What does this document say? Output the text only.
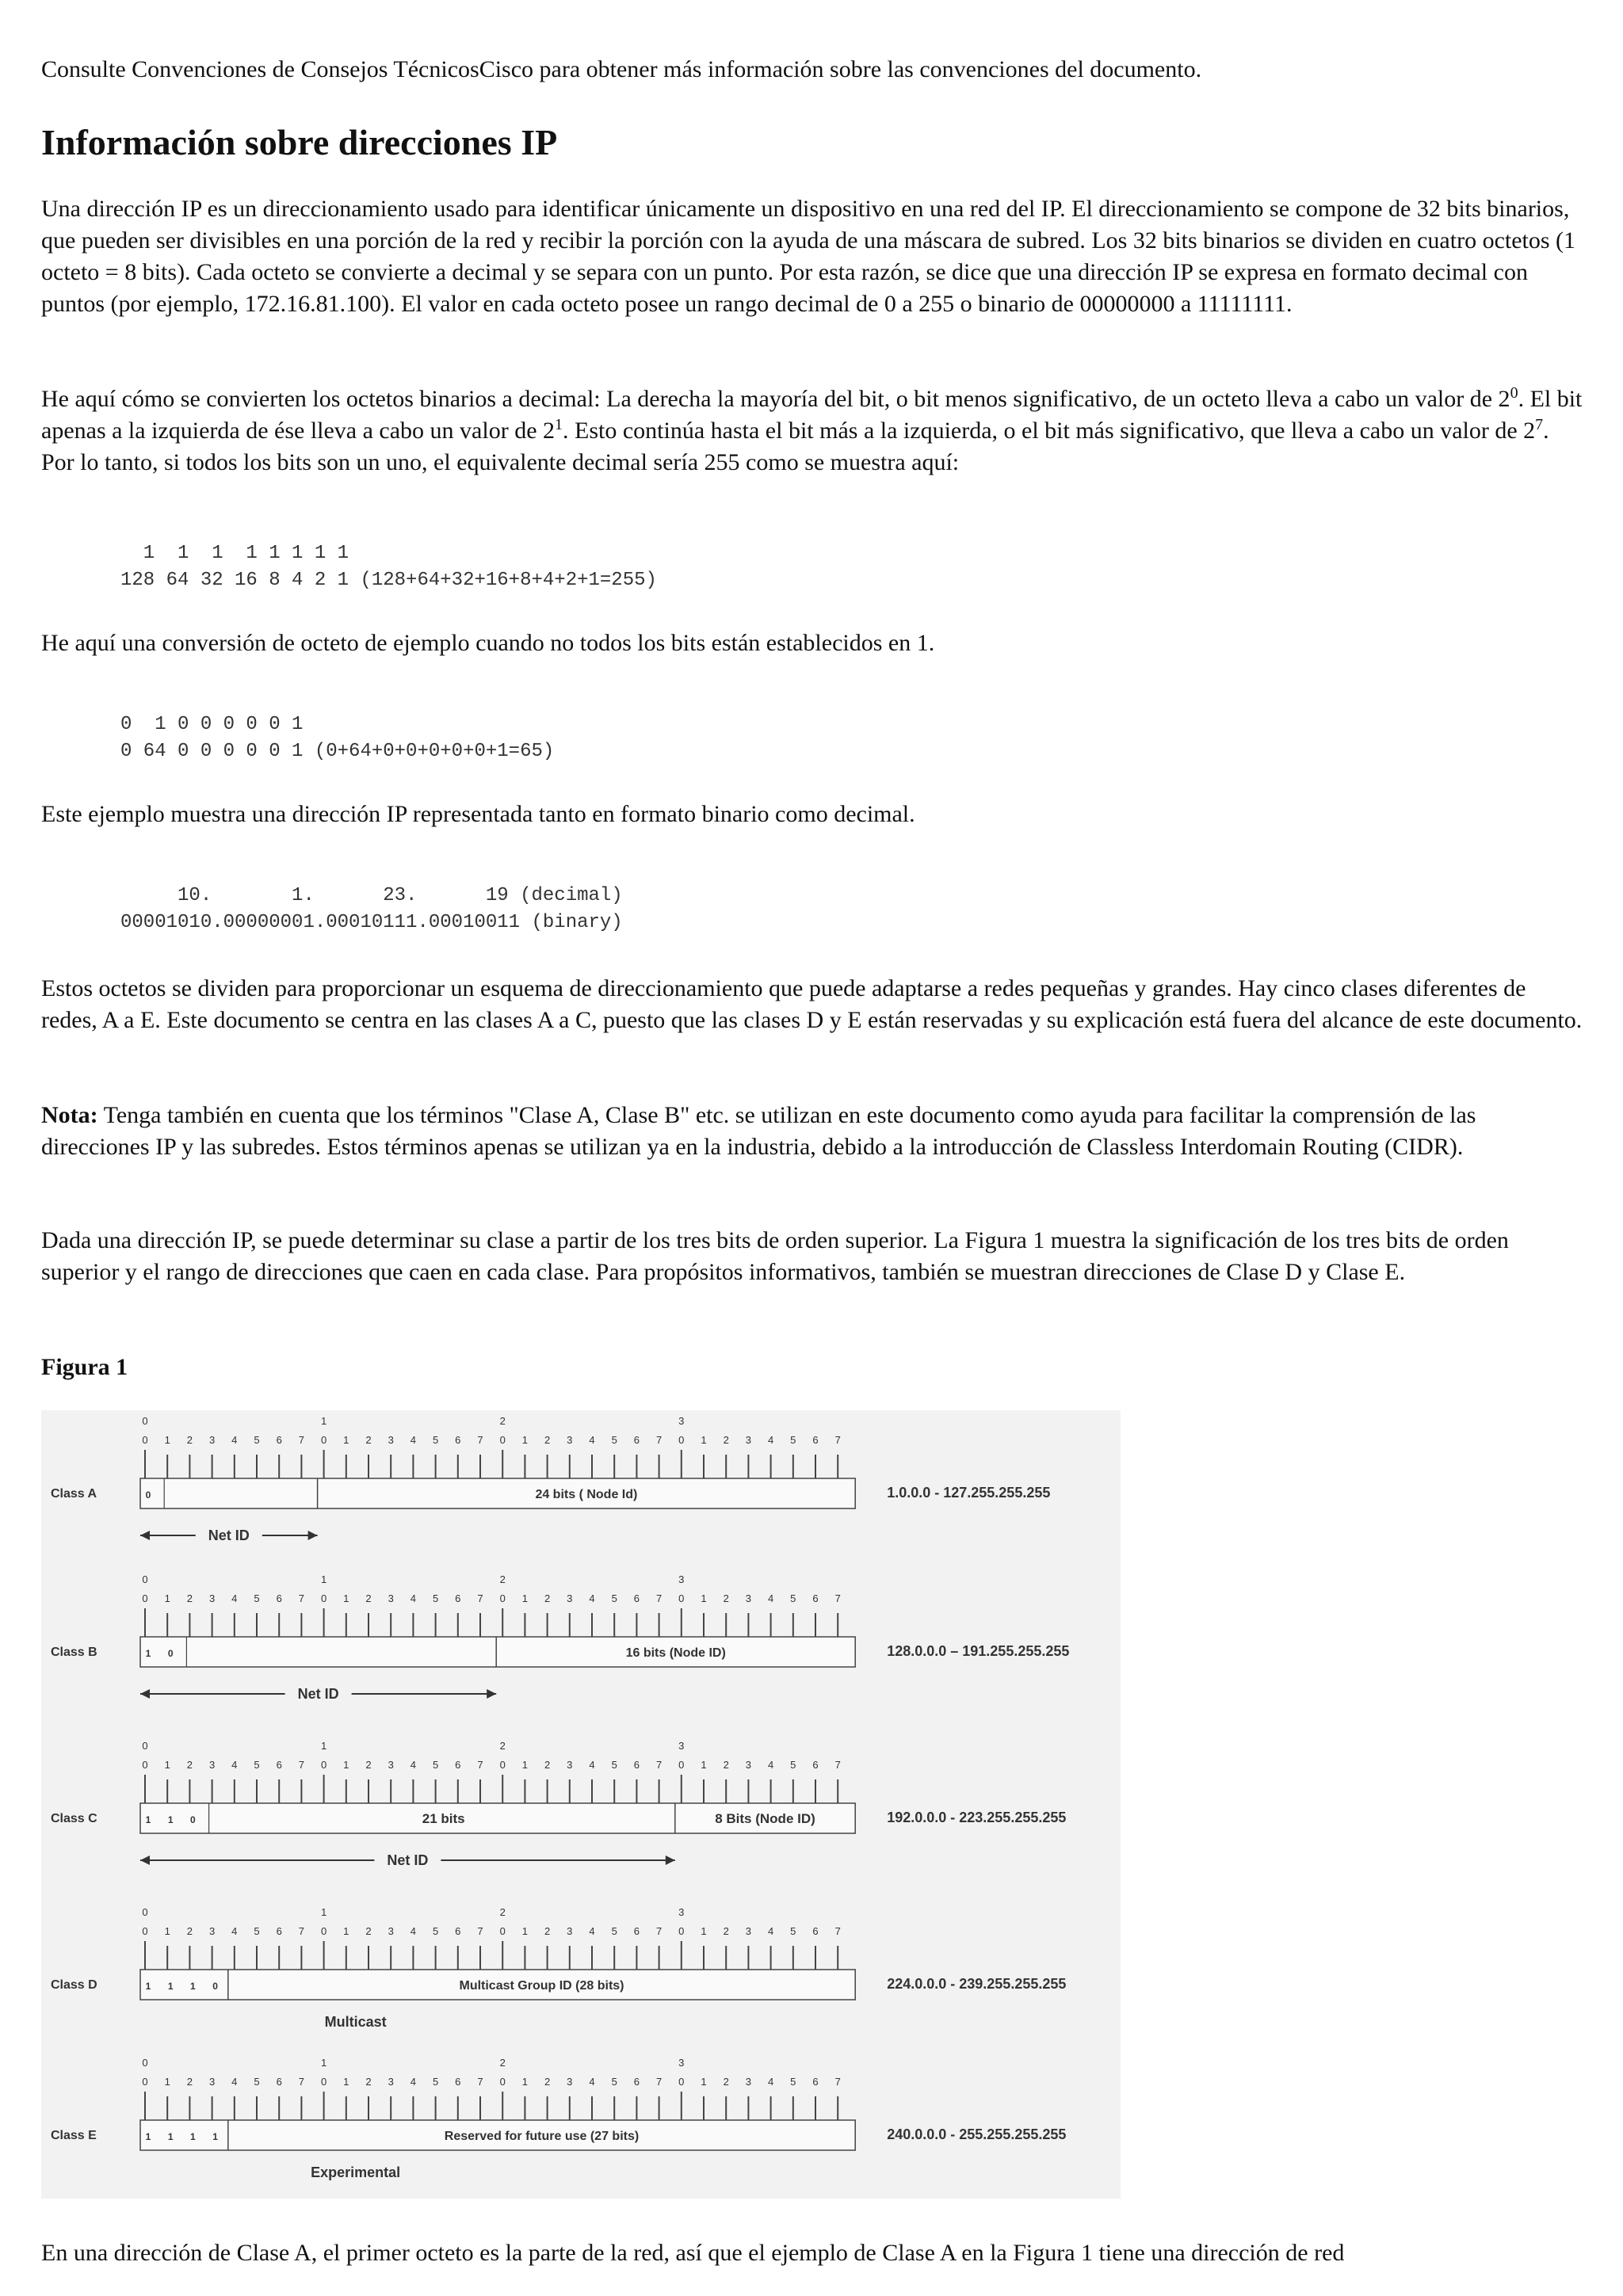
Consulte Convenciones de Consejos TécnicosCisco para obtener más información sobre las convenciones del documento.

Información sobre direcciones IP

Una dirección IP es un direccionamiento usado para identificar únicamente un dispositivo en una red del IP. El direccionamiento se compone de 32 bits binarios, que pueden ser divisibles en una porción de la red y recibir la porción con la ayuda de una máscara de subred. Los 32 bits binarios se dividen en cuatro octetos (1 octeto = 8 bits). Cada octeto se convierte a decimal y se separa con un punto. Por esta razón, se dice que una dirección IP se expresa en formato decimal con puntos (por ejemplo, 172.16.81.100). El valor en cada octeto posee un rango decimal de 0 a 255 o binario de 00000000 a 11111111.

He aquí cómo se convierten los octetos binarios a decimal: La derecha la mayoría del bit, o bit menos significativo, de un octeto lleva a cabo un valor de $2^0$. El bit apenas a la izquierda de ése lleva a cabo un valor de $2^1$. Esto continúa hasta el bit más a la izquierda, o el bit más significativo, que lleva a cabo un valor de $2^7$. Por lo tanto, si todos los bits son un uno, el equivalente decimal sería 255 como se muestra aquí:

1  1  1  1 1 1 1 1
128 64 32 16 8 4 2 1 (128+64+32+16+8+4+2+1=255)

He aquí una conversión de octeto de ejemplo cuando no todos los bits están establecidos en 1.

0  1 0 0 0 0 0 1
0 64 0 0 0 0 0 1 (0+64+0+0+0+0+0+1=65)

Este ejemplo muestra una dirección IP representada tanto en formato binario como decimal.

10.       1.      23.      19 (decimal)
00001010.00000001.00010111.00010011 (binary)

Estos octetos se dividen para proporcionar un esquema de direccionamiento que puede adaptarse a redes pequeñas y grandes. Hay cinco clases diferentes de redes, A a E. Este documento se centra en las clases A a C, puesto que las clases D y E están reservadas y su explicación está fuera del alcance de este documento.

Nota: Tenga también en cuenta que los términos "Clase A, Clase B" etc. se utilizan en este documento como ayuda para facilitar la comprensión de las direcciones IP y las subredes. Estos términos apenas se utilizan ya en la industria, debido a la introducción de Classless Interdomain Routing (CIDR).

Dada una dirección IP, se puede determinar su clase a partir de los tres bits de orden superior. La Figura 1 muestra la significación de los tres bits de orden superior y el rango de direcciones que caen en cada clase. Para propósitos informativos, también se muestran direcciones de Clase D y Clase E.

Figura 1

0	1	2	3
0 1 2 3 4 5 6 7 0 1 2 3 4 5 6 7 0 1 2 3 4 5 6 7 0 1 2 3 4 5 6 7
0	24 bits ( Node Id)
Class A	1.0.0.0 - 127.255.255.255
Net ID
0	1	2	3
0 1 2 3 4 5 6 7 0 1 2 3 4 5 6 7 0 1 2 3 4 5 6 7 0 1 2 3 4 5 6 7
1 0	16 bits (Node ID)
Class B	128.0.0.0 – 191.255.255.255
Net ID
0	1	2	3
0 1 2 3 4 5 6 7 0 1 2 3 4 5 6 7 0 1 2 3 4 5 6 7 0 1 2 3 4 5 6 7
1 1 0	21 bits	8 Bits (Node ID)
Class C	192.0.0.0 - 223.255.255.255
Net ID
0	1	2	3
0 1 2 3 4 5 6 7 0 1 2 3 4 5 6 7 0 1 2 3 4 5 6 7 0 1 2 3 4 5 6 7
1 1 1 0	Multicast Group ID (28 bits)
Class D	224.0.0.0 - 239.255.255.255
Multicast
0	1	2	3
0 1 2 3 4 5 6 7 0 1 2 3 4 5 6 7 0 1 2 3 4 5 6 7 0 1 2 3 4 5 6 7
1 1 1 1	Reserved for future use (27 bits)
Class E	240.0.0.0 - 255.255.255.255
Experimental

En una dirección de Clase A, el primer octeto es la parte de la red, así que el ejemplo de Clase A en la Figura 1 tiene una dirección de red
